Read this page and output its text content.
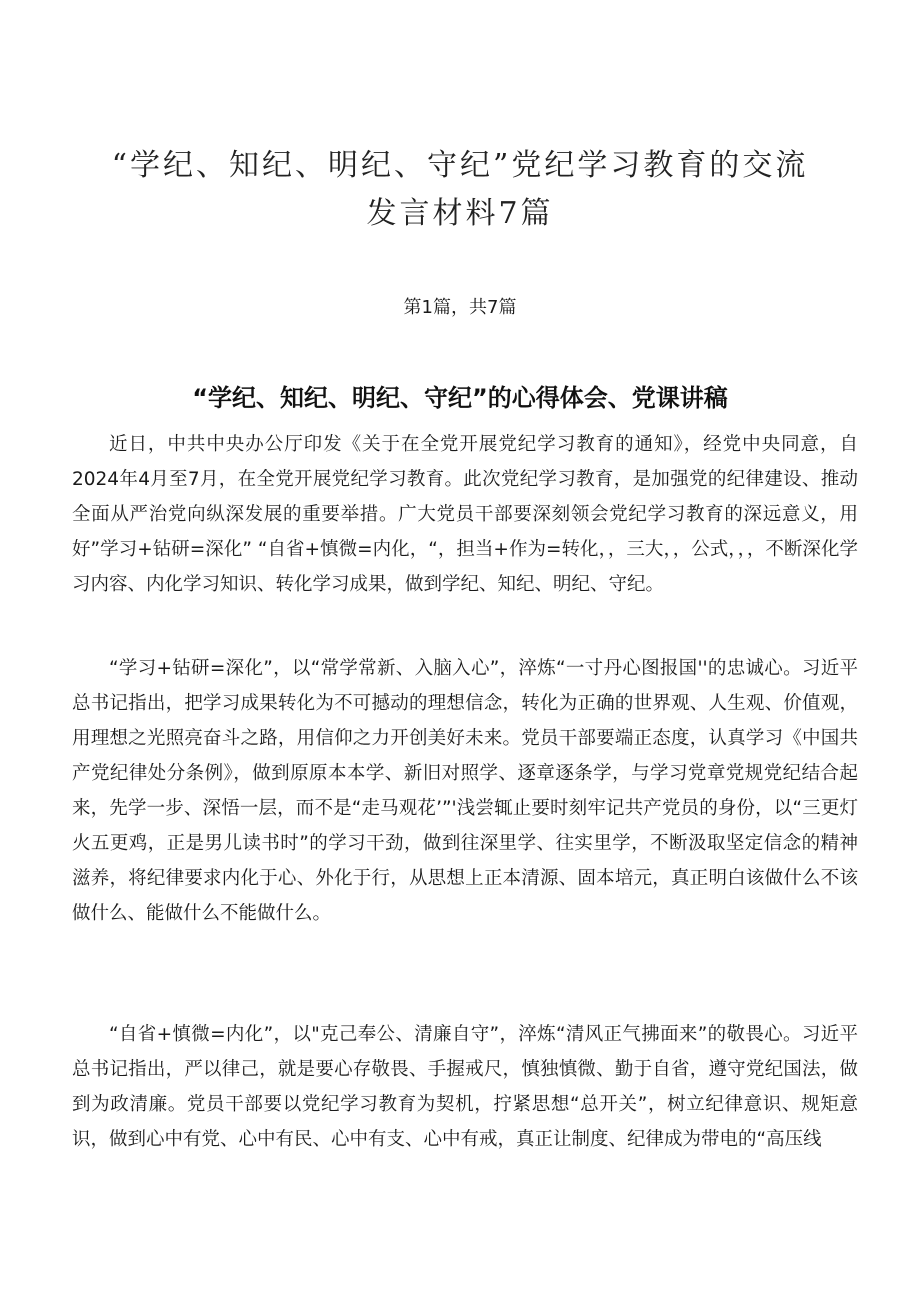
“学纪、知纪、明纪、守纪”党纪学习教育的交流
发言材料7篇
第1篇，共7篇
“学纪、知纪、明纪、守纪”的心得体会、党课讲稿

近日，中共中央办公厅印发《关于在全党开展党纪学习教育的通知》，经党中央同意，自2024年4月至7月，在全党开展党纪学习教育。此次党纪学习教育，是加强党的纪律建设、推动全面从严治党向纵深发展的重要举措。广大党员干部要深刻领会党纪学习教育的深远意义，用好”学习+钻研=深化” “自省+慎微=内化，“，担当+作为=转化，，三大，，公式，，，不断深化学习内容、内化学习知识、转化学习成果，做到学纪、知纪、明纪、守纪。

“学习+钻研=深化”，以“常学常新、入脑入心”，淬炼“一寸丹心图报国''的忠诚心。习近平总书记指出，把学习成果转化为不可撼动的理想信念，转化为正确的世界观、人生观、价值观，用理想之光照亮奋斗之路，用信仰之力开创美好未来。党员干部要端正态度，认真学习《中国共产党纪律处分条例》，做到原原本本学、新旧对照学、逐章逐条学，与学习党章党规党纪结合起来，先学一步、深悟一层，而不是“走马观花’”'浅尝辄止要时刻牢记共产党员的身份，以“三更灯火五更鸡，正是男儿读书时”的学习干劲，做到往深里学、往实里学，不断汲取坚定信念的精神滋养，将纪律要求内化于心、外化于行，从思想上正本清源、固本培元，真正明白该做什么不该做什么、能做什么不能做什么。

“自省+慎微=内化”，以"克己奉公、清廉自守”，淬炼“清风正气拂面来”的敬畏心。习近平总书记指出，严以律己，就是要心存敬畏、手握戒尺，慎独慎微、勤于自省，遵守党纪国法，做到为政清廉。党员干部要以党纪学习教育为契机，拧紧思想“总开关”，树立纪律意识、规矩意识，做到心中有党、心中有民、心中有支、心中有戒，真正让制度、纪律成为带电的“高压线
